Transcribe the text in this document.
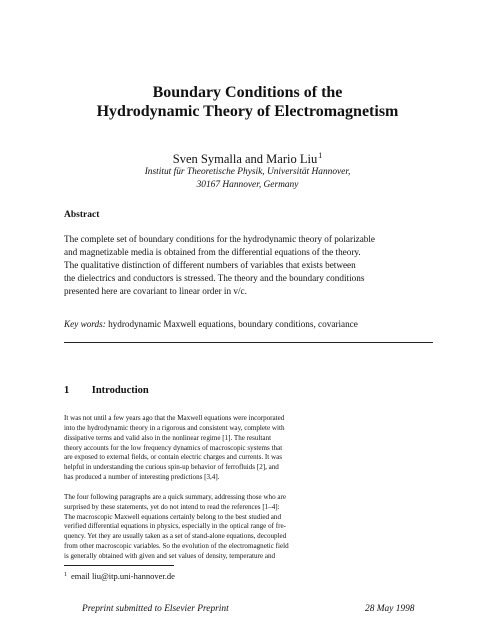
Boundary Conditions of the
Hydrodynamic Theory of Electromagnetism
Sven Symalla and Mario Liu$^1$
Institut für Theoretische Physik, Universität Hannover,
30167 Hannover, Germany
Abstract
The complete set of boundary conditions for the hydrodynamic theory of polarizable
and magnetizable media is obtained from the differential equations of the theory.
The qualitative distinction of different numbers of variables that exists between
the dielectrics and conductors is stressed. The theory and the boundary conditions
presented here are covariant to linear order in v/c.
Key words: hydrodynamic Maxwell equations, boundary conditions, covariance
1 Introduction
It was not until a few years ago that the Maxwell equations were incorporated
into the hydrodynamic theory in a rigorous and consistent way, complete with
dissipative terms and valid also in the nonlinear regime [1]. The resultant
theory accounts for the low frequency dynamics of macroscopic systems that
are exposed to external fields, or contain electric charges and currents. It was
helpful in understanding the curious spin-up behavior of ferrofluids [2], and
has produced a number of interesting predictions [3,4].
$^1$ email liu@itp.uni-hannover.de
Preprint submitted to Elsevier Preprint	28 May 1998
The four following paragraphs are a quick summary, addressing those who are
surprised by these statements, yet do not intend to read the references [1–4]:
The macroscopic Maxwell equations certainly belong to the best studied and
verified differential equations in physics, especially in the optical range of fre-
quency. Yet they are usually taken as a set of stand-alone equations, decoupled
from other macroscopic variables. So the evolution of the electromagnetic field
is generally obtained with given and set values of density, temperature and
